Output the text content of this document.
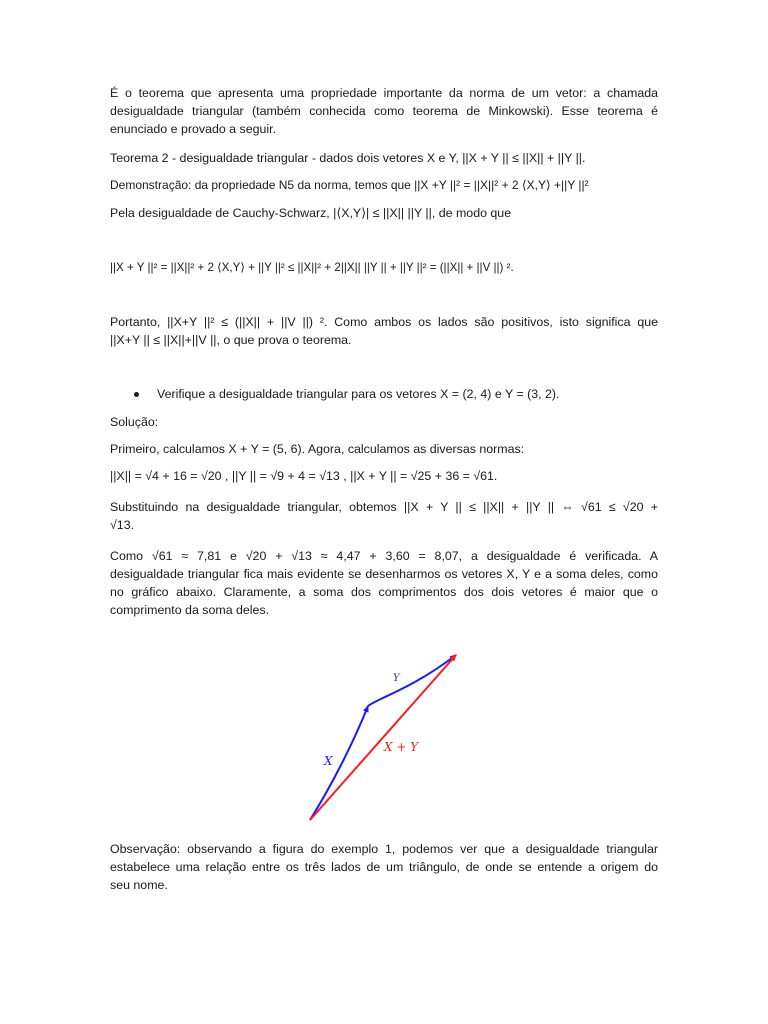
É o teorema que apresenta uma propriedade importante da norma de um vetor: a chamada

desigualdade triangular (também conhecida como teorema de Minkowski). Esse teorema é

enunciado e provado a seguir.

Teorema 2 - desigualdade triangular - dados dois vetores X e Y, ||X + Y || ≤ ||X|| + ||Y ||.

Demonstração: da propriedade N5 da norma, temos que ||X +Y ||² = ||X||² + 2 ⟨X,Y⟩ +||Y ||²

Pela desigualdade de Cauchy-Schwarz, |⟨X,Y⟩| ≤ ||X|| ||Y ||, de modo que

||X + Y ||² = ||X||² + 2 ⟨X,Y⟩ + ||Y ||² ≤ ||X||² + 2||X|| ||Y || + ||Y ||² = (||X|| + ||V ||) ².

Portanto, ||X+Y ||² ≤ (||X|| + ||V ||) ². Como ambos os lados são positivos, isto significa que

||X+Y || ≤ ||X||+||V ||, o que prova o teorema.

Verifique a desigualdade triangular para os vetores X = (2, 4) e Y = (3, 2).

Solução:

Primeiro, calculamos X + Y = (5, 6). Agora, calculamos as diversas normas:

||X|| = √4 + 16 = √20 , ||Y || = √9 + 4 = √13 , ||X + Y || = √25 + 36 = √61.

Substituindo na desigualdade triangular, obtemos ||X + Y || ≤ ||X|| + ||Y || ⇔ √61 ≤ √20 +

√13.

Como √61 ≈ 7,81 e √20 + √13 ≈ 4,47 + 3,60 = 8,07, a desigualdade é verificada. A

desigualdade triangular fica mais evidente se desenharmos os vetores X, Y e a soma deles, como

no gráfico abaixo. Claramente, a soma dos comprimentos dos dois vetores é maior que o

comprimento da soma deles.

Observação: observando a figura do exemplo 1, podemos ver que a desigualdade triangular

estabelece uma relação entre os três lados de um triângulo, de onde se entende a origem do

seu nome.

X
Y
X + Y
